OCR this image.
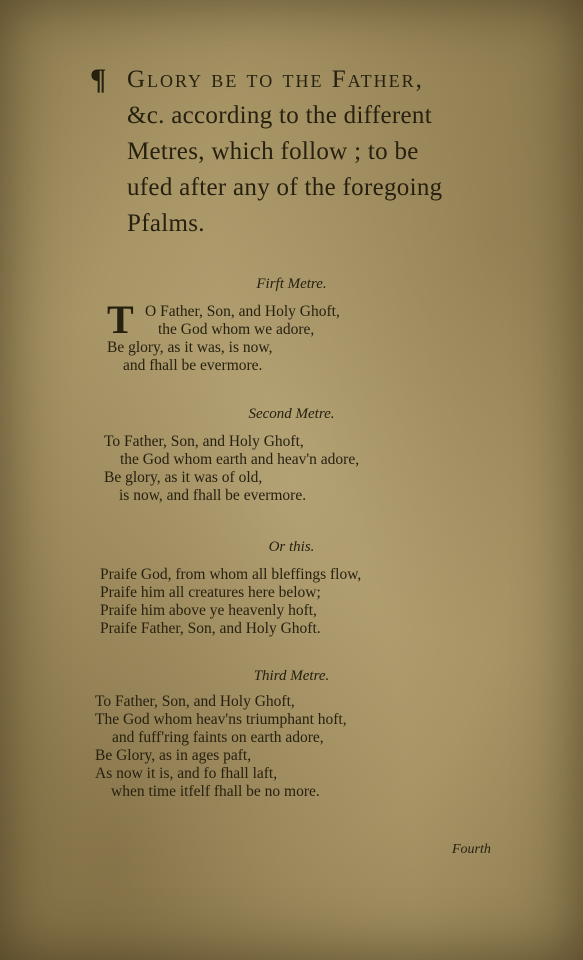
¶ Glory be to the Father,
&c. according to the different
Metres, which follow ; to be
ufed after any of the foregoing
Pfalms.
Firft Metre.
T O Father, Son, and Holy Ghoft,
the God whom we adore,
Be glory, as it was, is now,
and fhall be evermore.
Second Metre.
To Father, Son, and Holy Ghoft,
the God whom earth and heav'n adore,
Be glory, as it was of old,
is now, and fhall be evermore.
Or this.
Praife God, from whom all bleffings flow,
Praife him all creatures here below;
Praife him above ye heavenly hoft,
Praife Father, Son, and Holy Ghoft.
Third Metre.
To Father, Son, and Holy Ghoft,
The God whom heav'ns triumphant hoft,
and fuff'ring faints on earth adore,
Be Glory, as in ages paft,
As now it is, and fo fhall laft,
when time itfelf fhall be no more.
Fourth
